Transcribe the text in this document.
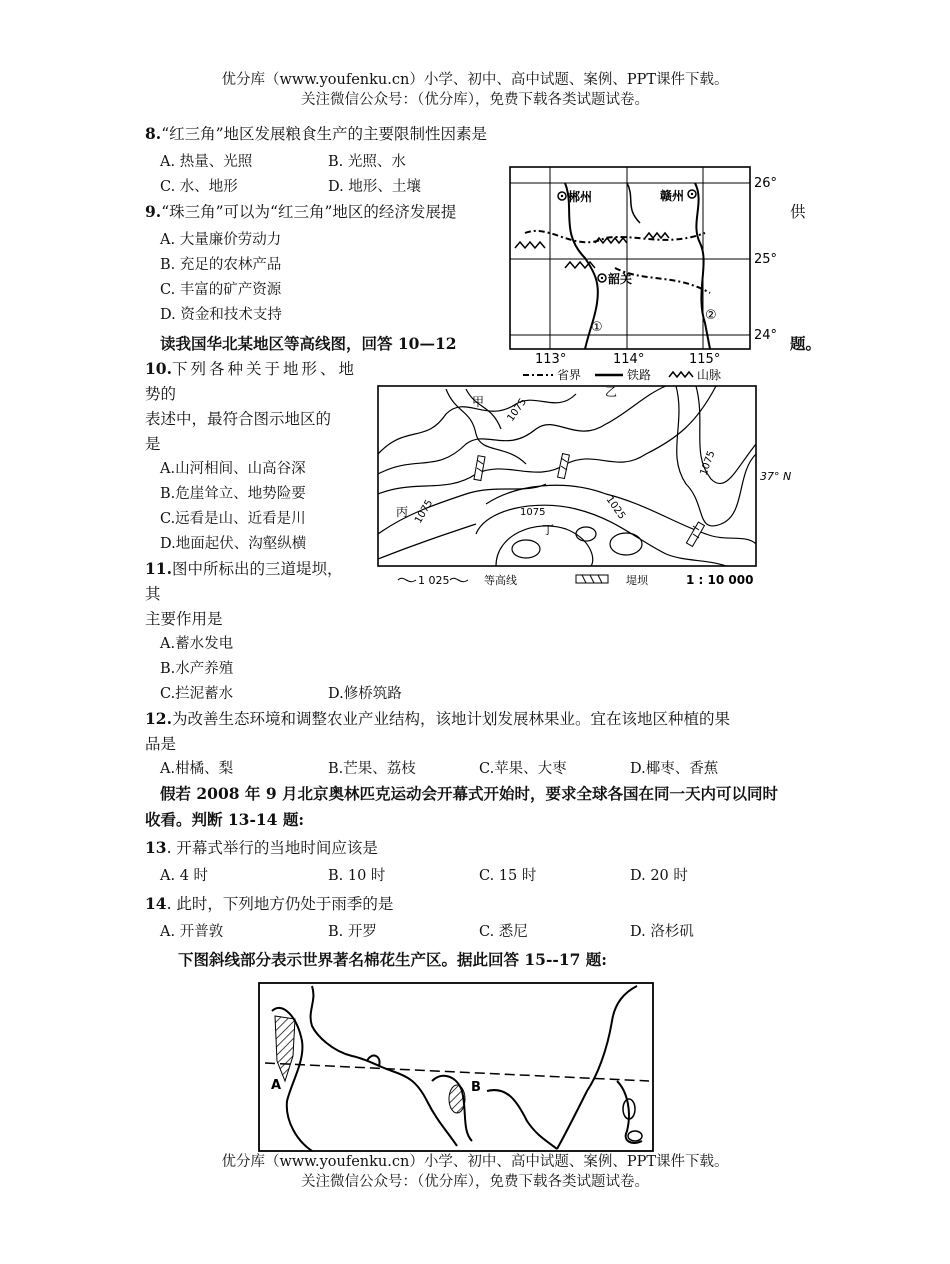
优分库（www.youfenku.cn）小学、初中、高中试题、案例、PPT课件下载。
关注微信公众号：（优分库），免费下载各类试题试卷。
8.“红三角”地区发展粮食生产的主要限制性因素是
A. 热量、光照	B. 光照、水
C. 水、地形	D. 地形、土壤
9.“珠三角”可以为“红三角”地区的经济发展提	供
A. 大量廉价劳动力
B. 充足的农林产品
C. 丰富的矿产资源
D. 资金和技术支持
郴州	赣州
韶关
①
②
26°
25°
24°
113°	114°	115°
省界	铁路	山脉
读我国华北某地区等高线图，回答 10—12	题。
10.下列各种关于地形、地
势的
表述中，最符合图示地区的
是
A.山河相间、山高谷深
B.危崖耸立、地势险要
C.远看是山、近看是川
D.地面起伏、沟壑纵横
甲
乙
丙
丁
1075
1075
1075	1075	1025
37° N
1 025	等高线	堤坝	1 : 10 000
11.图中所标出的三道堤坝，
其
主要作用是
A.蓄水发电
B.水产养殖
C.拦泥蓄水	D.修桥筑路
12.为改善生态环境和调整农业产业结构，该地计划发展林果业。宜在该地区种植的果
品是
A.柑橘、梨	B.芒果、荔枝	C.苹果、大枣	D.椰枣、香蕉
假若 2008 年 9 月北京奥林匹克运动会开幕式开始时，要求全球各国在同一天内可以同时
收看。判断 13-14 题:
13. 开幕式举行的当地时间应该是
A. 4 时	B. 10 时	C. 15 时	D. 20 时
14. 此时，下列地方仍处于雨季的是
A. 开普敦	B. 开罗	C. 悉尼	D. 洛杉矶
下图斜线部分表示世界著名棉花生产区。据此回答 15--17 题:
A	B
优分库（www.youfenku.cn）小学、初中、高中试题、案例、PPT课件下载。
关注微信公众号：（优分库），免费下载各类试题试卷。
